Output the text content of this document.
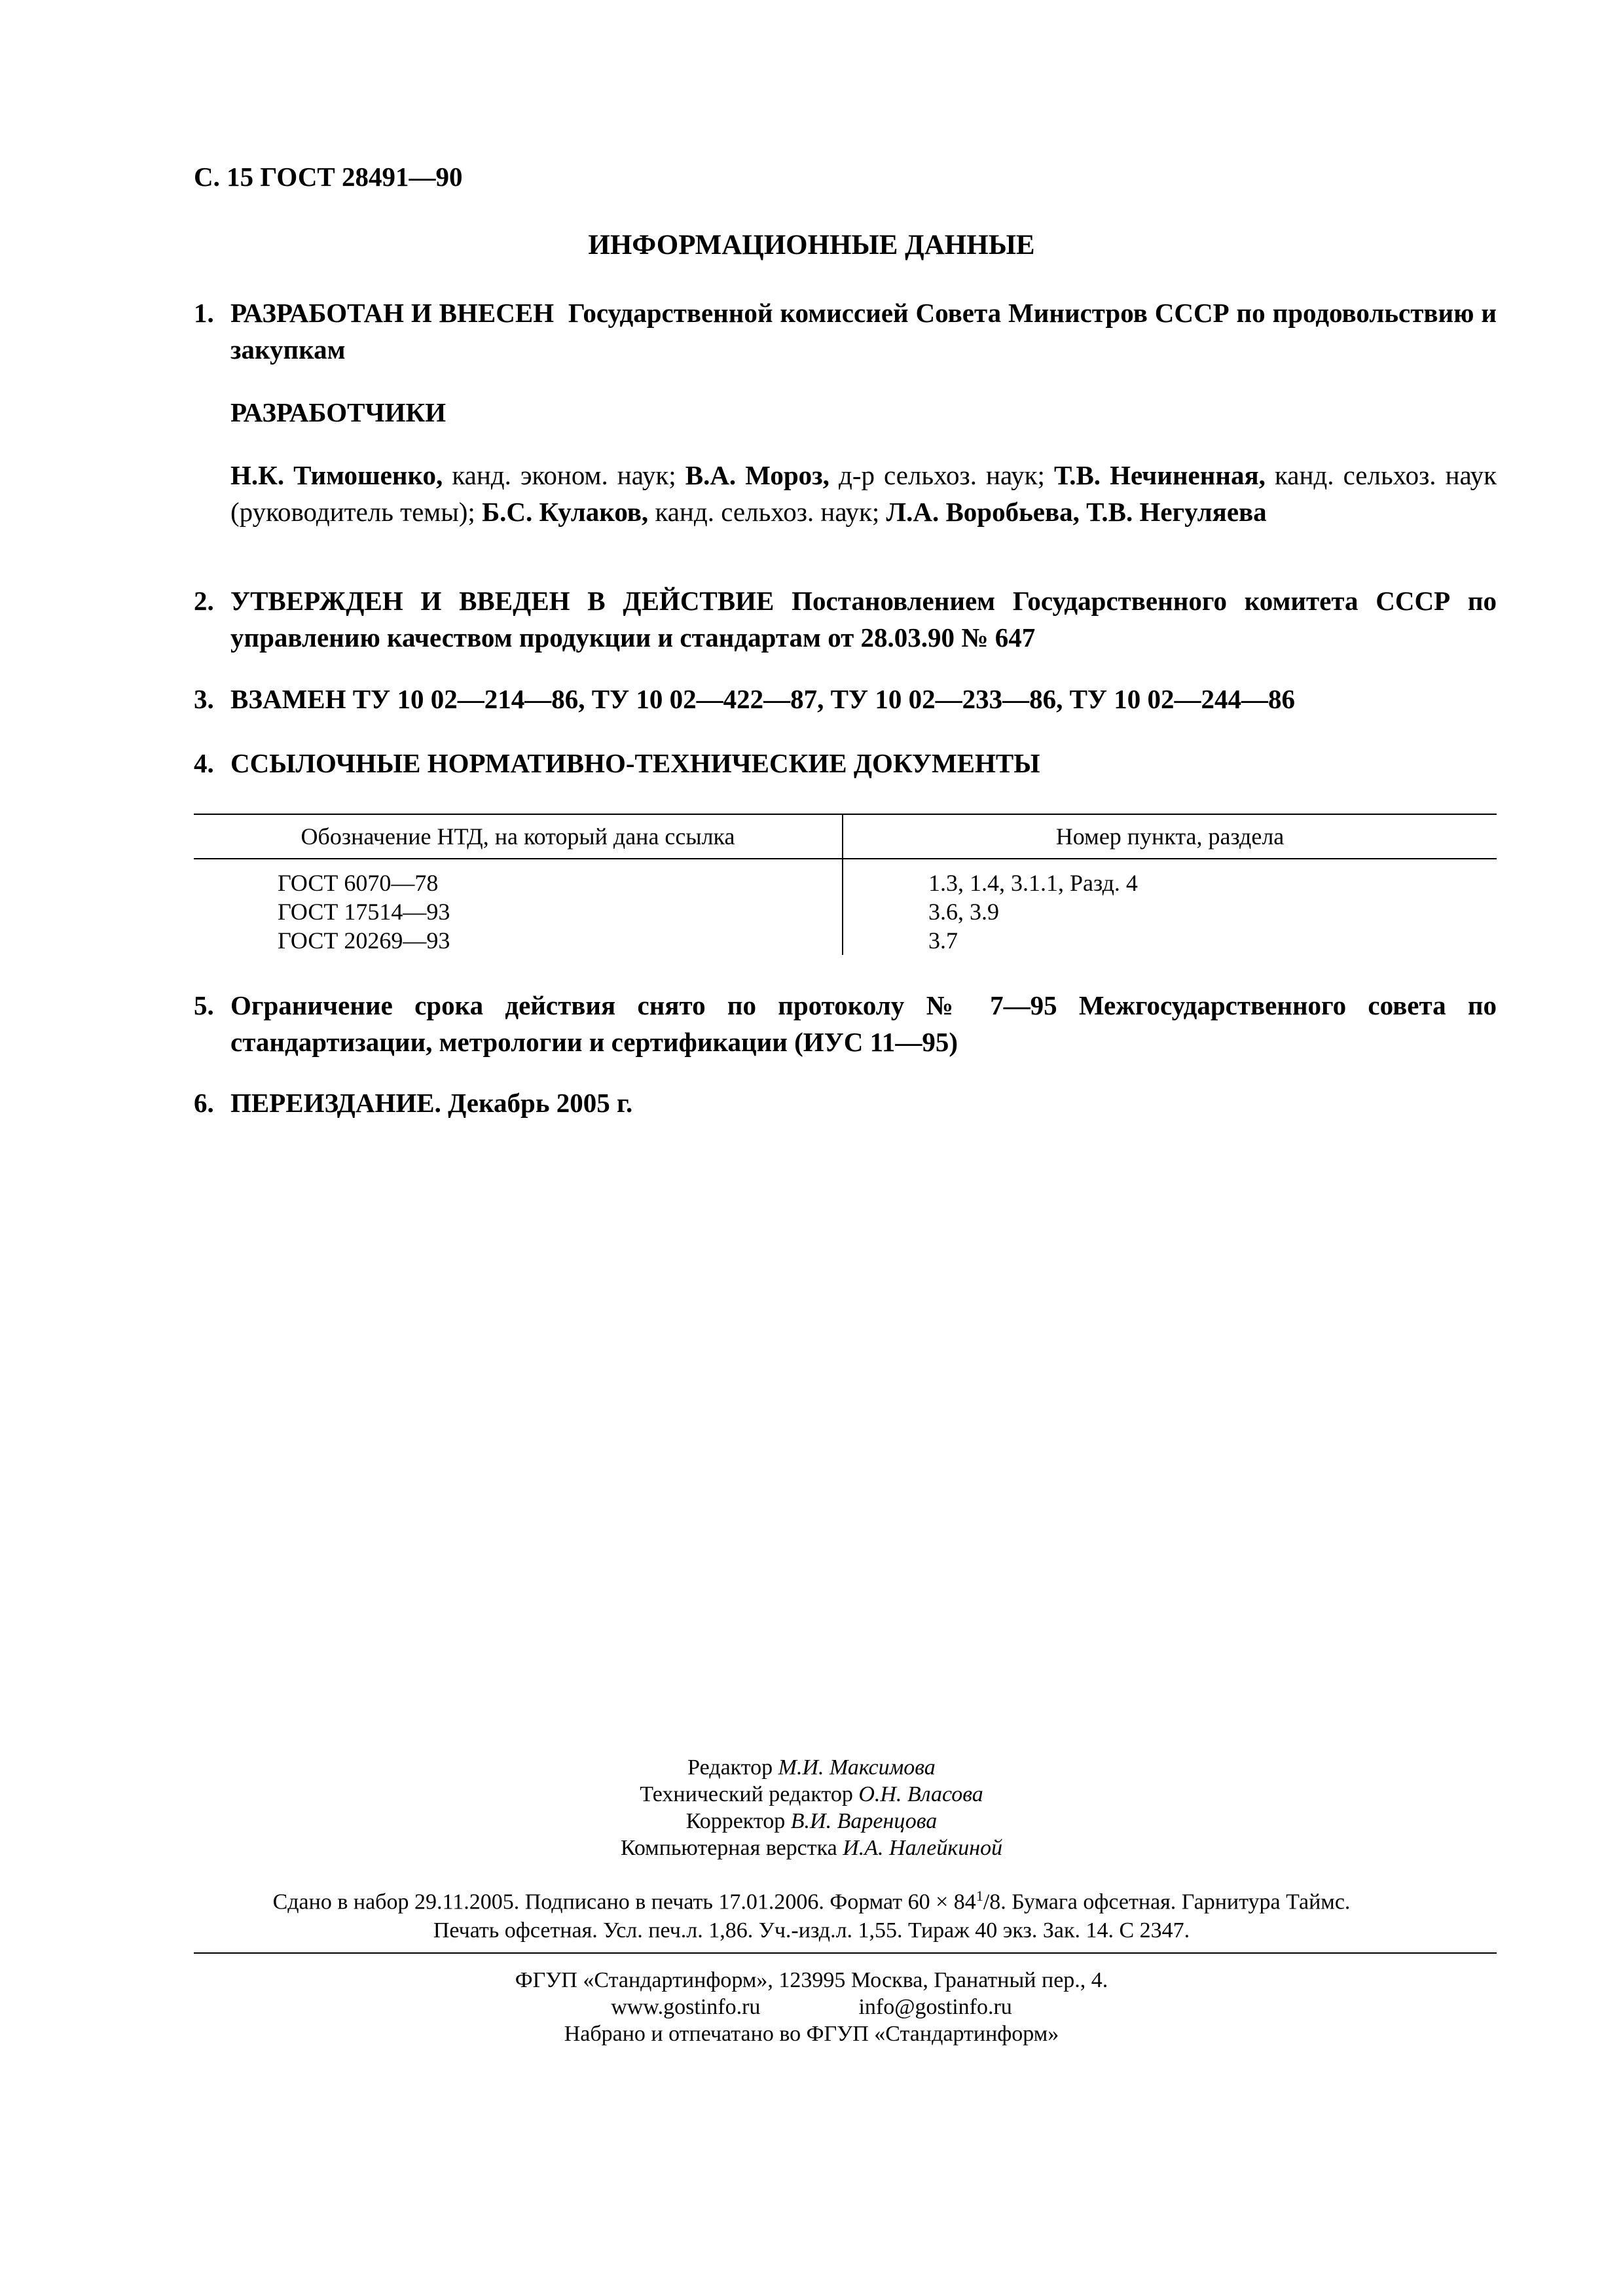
С. 15 ГОСТ 28491—90
ИНФОРМАЦИОННЫЕ ДАННЫЕ
1. РАЗРАБОТАН И ВНЕСЕН Государственной комиссией Совета Министров СССР по продовольствию и закупкам

РАЗРАБОТЧИКИ

Н.К. Тимошенко, канд. эконом. наук; В.А. Мороз, д-р сельхоз. наук; Т.В. Нечиненная, канд. сельхоз. наук (руководитель темы); Б.С. Кулаков, канд. сельхоз. наук; Л.А. Воробьева, Т.В. Негуляева

2. УТВЕРЖДЕН И ВВЕДЕН В ДЕЙСТВИЕ Постановлением Государственного комитета СССР по управлению качеством продукции и стандартам от 28.03.90 № 647
3. ВЗАМЕН ТУ 10 02—214—86, ТУ 10 02—422—87, ТУ 10 02—233—86, ТУ 10 02—244—86
4. ССЫЛОЧНЫЕ НОРМАТИВНО-ТЕХНИЧЕСКИЕ ДОКУМЕНТЫ
Обозначение НТД, на который дана ссылка	Номер пункта, раздела
ГОСТ 6070—78	1.3, 1.4, 3.1.1, Разд. 4
ГОСТ 17514—93	3.6, 3.9
ГОСТ 20269—93	3.7
5. Ограничение срока действия снято по протоколу № 7—95 Межгосударственного совета по стандартизации, метрологии и сертификации (ИУС 11—95)
6. ПЕРЕИЗДАНИЕ. Декабрь 2005 г.
Редактор М.И. Максимова
Технический редактор О.Н. Власова
Корректор В.И. Варенцова
Компьютерная верстка И.А. Налейкиной
Сдано в набор 29.11.2005. Подписано в печать 17.01.2006. Формат $60 \times 84^1/8$. Бумага офсетная. Гарнитура Таймс.
Печать офсетная. Усл. печ.л. 1,86. Уч.-изд.л. 1,55. Тираж 40 экз. Зак. 14. С 2347.
ФГУП «Стандартинформ», 123995 Москва, Гранатный пер., 4.
www.gostinfo.ru	info@gostinfo.ru
Набрано и отпечатано во ФГУП «Стандартинформ»
